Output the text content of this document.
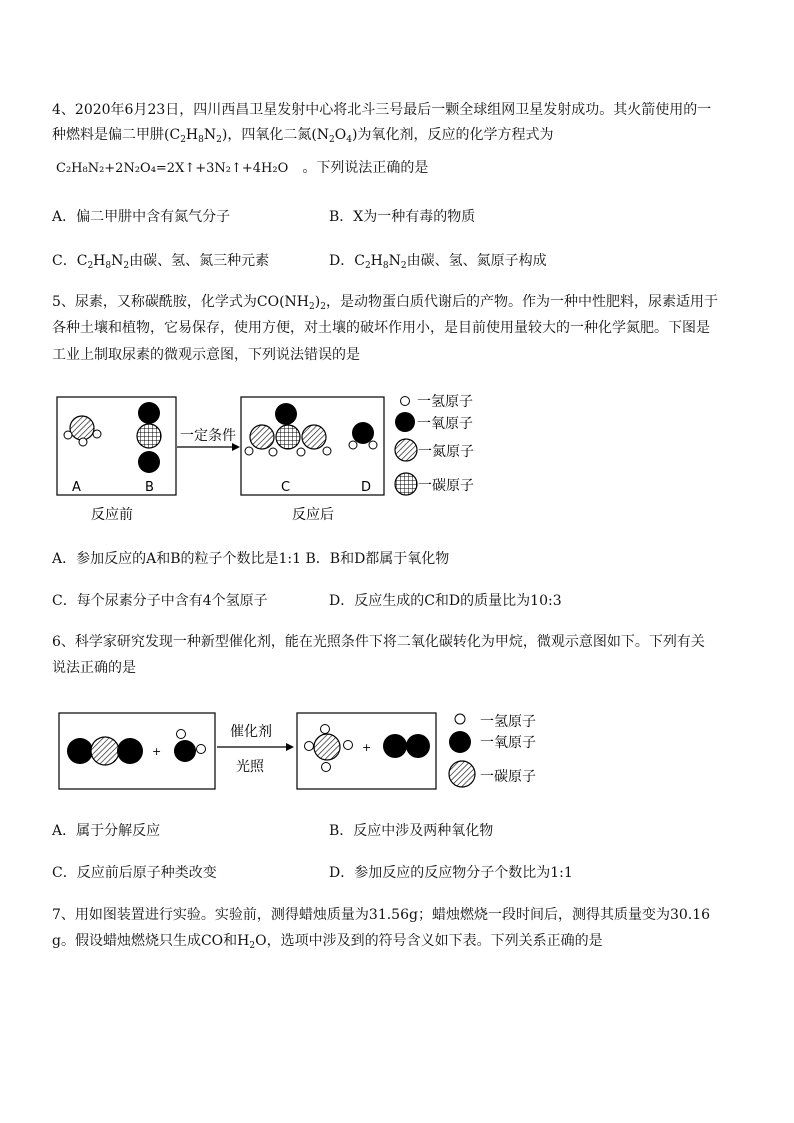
4、2020年6月23日，四川西昌卫星发射中心将北斗三号最后一颗全球组网卫星发射成功。其火箭使用的一
种燃料是偏二甲肼$(C_2H_8N_2)$，四氧化二氮$(N_2O_4)$为氧化剂，反应的化学方程式为
C₂H₈N₂+2N₂O₄=2X↑+3N₂↑+4H₂O 。下列说法正确的是
A．偏二甲肼中含有氮气分子	B．X为一种有毒的物质
C．$C_2H_8N_2$由碳、氢、氮三种元素	D．$C_2H_8N_2$由碳、氢、氮原子构成
5、尿素，又称碳酰胺，化学式为$CO(NH_2)_2$，是动物蛋白质代谢后的产物。作为一种中性肥料，尿素适用于
各种土壤和植物，它易保存，使用方便，对土壤的破坏作用小，是目前使用量较大的一种化学氮肥。下图是
工业上制取尿素的微观示意图，下列说法错误的是
A	B
一定条件
C	D
反应前	反应后
一氢原子
一氧原子
一氮原子
一碳原子
A．参加反应的A和B的粒子个数比是1:1 B．B和D都属于氧化物
C．每个尿素分子中含有4个氢原子	D．反应生成的C和D的质量比为10:3
6、科学家研究发现一种新型催化剂，能在光照条件下将二氧化碳转化为甲烷，微观示意图如下。下列有关
说法正确的是
+
催化剂
光照
+
一氢原子
一氧原子
一碳原子
A．属于分解反应	B．反应中涉及两种氧化物
C．反应前后原子种类改变	D．参加反应的反应物分子个数比为1:1
7、用如图装置进行实验。实验前，测得蜡烛质量为31.56g；蜡烛燃烧一段时间后，测得其质量变为30.16
g。假设蜡烛燃烧只生成CO和$H_2O$，选项中涉及到的符号含义如下表。下列关系正确的是
